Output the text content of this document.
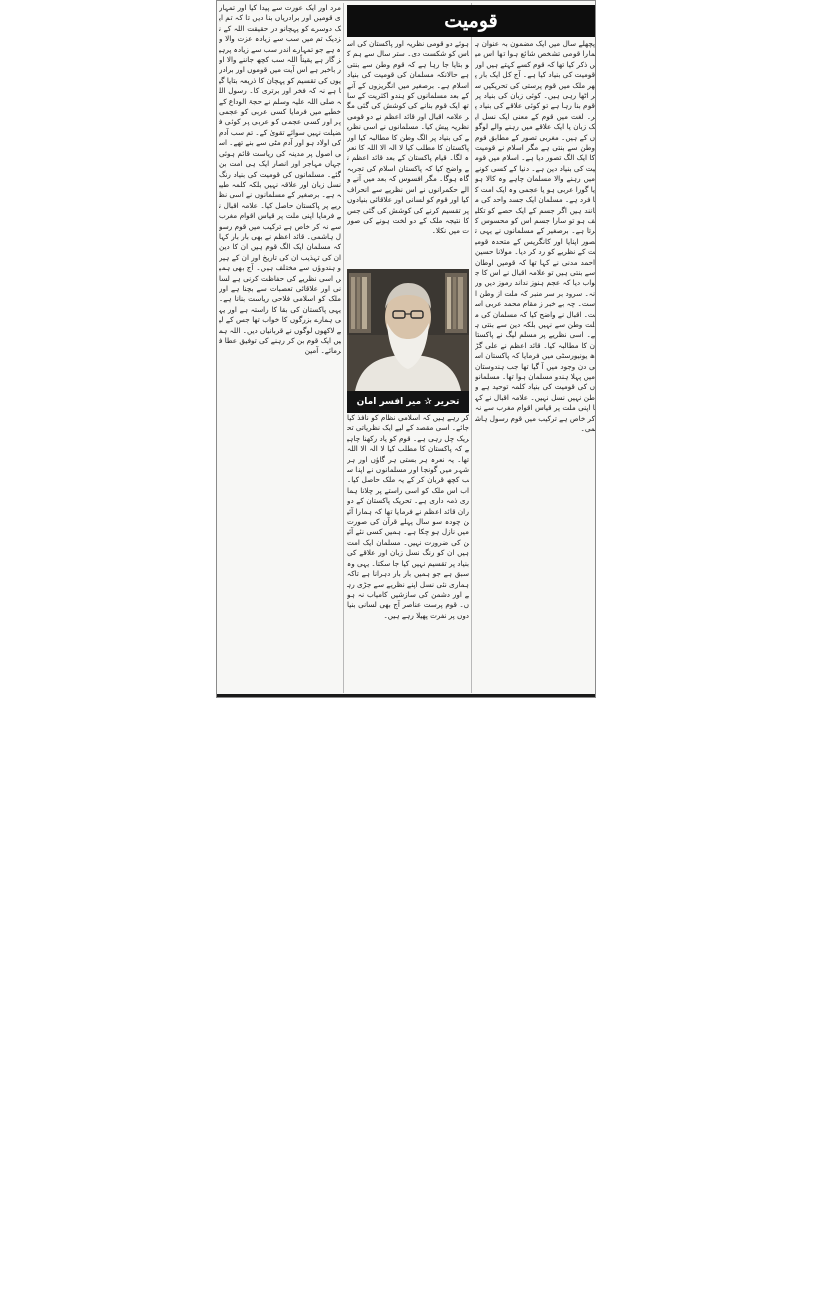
مرد اور ایک عورت سے پیدا کیا اور تمہاری قومیں اور برادریاں بنا دیں تا کہ تم ایک دوسرے کو پہچانو در حقیقت اللہ کے نزدیک تم میں سب سے زیادہ عزت والا وہ ہے جو تمہارے اندر سب سے زیادہ پرہیز گار ہے یقیناً اللہ سب کچھ جاننے والا اور باخبر ہے اس آیت میں قوموں اور برادریوں کی تقسیم کو پہچان کا ذریعہ بتایا گیا ہے نہ کہ فخر اور برتری کا۔ رسول اللہ صلی اللہ علیہ وسلم نے حجۃ الوداع کے خطبے میں فرمایا کسی عربی کو عجمی پر اور کسی عجمی کو عربی پر کوئی فضیلت نہیں سوائے تقویٰ کے۔ تم سب آدم کی اولاد ہو اور آدم مٹی سے بنے تھے۔ اسی اصول پر مدینہ کی ریاست قائم ہوئی جہاں مہاجر اور انصار ایک ہی امت بن گئے۔ مسلمانوں کی قومیت کی بنیاد رنگ نسل زبان اور علاقہ نہیں بلکہ کلمہ طیبہ ہے۔ برصغیر کے مسلمانوں نے اسی نظریے پر پاکستان حاصل کیا۔ علامہ اقبال نے فرمایا اپنی ملت پر قیاس اقوام مغرب سے نہ کر خاص ہے ترکیب میں قوم رسول ہاشمی۔ قائد اعظم نے بھی بار بار کہا کہ مسلمان ایک الگ قوم ہیں ان کا دین ان کی تہذیب ان کی تاریخ اور ان کے ہیرو ہندوؤں سے مختلف ہیں۔ آج بھی ہمیں اسی نظریے کی حفاظت کرنی ہے لسانی اور علاقائی تعصبات سے بچنا ہے اور ملک کو اسلامی فلاحی ریاست بنانا ہے۔ یہی پاکستان کی بقا کا راستہ ہے اور یہی ہمارے بزرگوں کا خواب تھا جس کے لیے لاکھوں لوگوں نے قربانیاں دیں۔ اللہ ہمیں ایک قوم بن کر رہنے کی توفیق عطا فرمائے۔ آمین

قومیت

ہوئے دو قومی نظریہ اور پاکستان کی اساس کو شکست دی۔ ستر سال سے ہم کو بتایا جا رہا ہے کہ قوم وطن سے بنتی ہے حالانکہ مسلمان کی قومیت کی بنیاد اسلام ہے۔ برصغیر میں انگریزوں کے آنے کے بعد مسلمانوں کو ہندو اکثریت کے ساتھ ایک قوم بنانے کی کوشش کی گئی مگر علامہ اقبال اور قائد اعظم نے دو قومی نظریہ پیش کیا۔ مسلمانوں نے اسی نظریے کی بنیاد پر الگ وطن کا مطالبہ کیا اور پاکستان کا مطلب کیا لا الہ الا اللہ کا نعرہ لگا۔ قیام پاکستان کے بعد قائد اعظم نے واضح کیا کہ پاکستان اسلام کی تجربہ گاہ ہوگا۔ مگر افسوس کہ بعد میں آنے والے حکمرانوں نے اس نظریے سے انحراف کیا اور قوم کو لسانی اور علاقائی بنیادوں پر تقسیم کرنے کی کوشش کی گئی جس کا نتیجہ ملک کے دو لخت ہونے کی صورت میں نکلا۔

تحریر ✰ میر افسر امان

کر رہے ہیں کہ اسلامی نظام کو نافذ کیا جائے۔ اسی مقصد کے لیے ایک نظریاتی تحریک چل رہی ہے۔ قوم کو یاد رکھنا چاہیے کہ پاکستان کا مطلب کیا لا الہ الا اللہ تھا۔ یہ نعرہ ہر بستی ہر گاؤں اور ہر شہر میں گونجا اور مسلمانوں نے اپنا سب کچھ قربان کر کے یہ ملک حاصل کیا۔ اب اس ملک کو اسی راستے پر چلانا ہماری ذمہ داری ہے۔ تحریک پاکستان کے دوران قائد اعظم نے فرمایا تھا کہ ہمارا آئین چودہ سو سال پہلے قرآن کی صورت میں نازل ہو چکا ہے۔ ہمیں کسی نئے آئین کی ضرورت نہیں۔ مسلمان ایک امت ہیں ان کو رنگ نسل زبان اور علاقے کی بنیاد پر تقسیم نہیں کیا جا سکتا۔ یہی وہ سبق ہے جو ہمیں بار بار دہرانا ہے تاکہ ہماری نئی نسل اپنے نظریے سے جڑی رہے اور دشمن کی سازشیں کامیاب نہ ہوں۔ قوم پرست عناصر آج بھی لسانی بنیادوں پر نفرت پھیلا رہے ہیں۔

پچھلے سال میں ایک مضمون بہ عنوان ہمارا قومی تشخص شائع ہوا تھا اس میں ذکر کیا تھا کہ قوم کسے کہتے ہیں اور قومیت کی بنیاد کیا ہے۔ آج کل ایک بار پھر ملک میں قوم پرستی کی تحریکیں سر اٹھا رہی ہیں۔ کوئی زبان کی بنیاد پر قوم بنا رہا ہے تو کوئی علاقے کی بنیاد پر۔ لغت میں قوم کے معنی ایک نسل ایک زبان یا ایک علاقے میں رہنے والے لوگوں کے ہیں۔ مغربی تصور کے مطابق قوم وطن سے بنتی ہے مگر اسلام نے قومیت کا ایک الگ تصور دیا ہے۔ اسلام میں قومیت کی بنیاد دین ہے۔ دنیا کے کسی کونے میں رہنے والا مسلمان چاہے وہ کالا ہو یا گورا عربی ہو یا عجمی وہ ایک امت کا فرد ہے۔ مسلمان ایک جسد واحد کی مانند ہیں اگر جسم کے ایک حصے کو تکلیف ہو تو سارا جسم اس کو محسوس کرتا ہے۔ برصغیر کے مسلمانوں نے یہی تصور اپنایا اور کانگریس کے متحدہ قومیت کے نظریے کو رد کر دیا۔ مولانا حسین احمد مدنی نے کہا تھا کہ قومیں اوطان سے بنتی ہیں تو علامہ اقبال نے اس کا جواب دیا کہ عجم ہنوز نداند رموز دیں ورنہ۔ سرود بر سر منبر کہ ملت از وطن است۔ چہ بے خبر ز مقام محمد عربی است۔ اقبال نے واضح کیا کہ مسلمان کی ملت وطن سے نہیں بلکہ دین سے بنتی ہے۔ اسی نظریے پر مسلم لیگ نے پاکستان کا مطالبہ کیا۔ قائد اعظم نے علی گڑھ یونیورسٹی میں فرمایا کہ پاکستان اسی دن وجود میں آ گیا تھا جب ہندوستان میں پہلا ہندو مسلمان ہوا تھا۔ مسلمانوں کی قومیت کی بنیاد کلمہ توحید ہے وطن نہیں نسل نہیں۔ علامہ اقبال نے کہا اپنی ملت پر قیاس اقوام مغرب سے نہ کر خاص ہے ترکیب میں قوم رسول ہاشمی۔
